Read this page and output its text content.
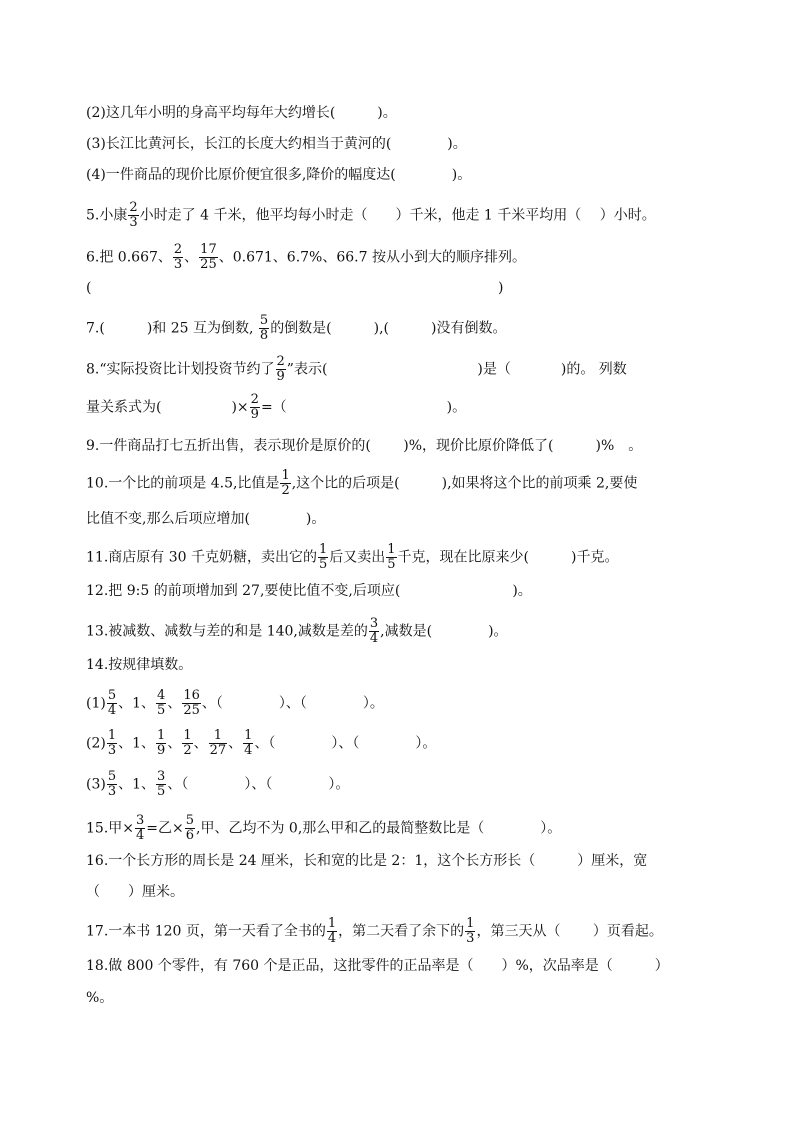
(2)这几年小明的身高平均每年大约增长(　　　)。
(3)长江比黄河长，长江的长度大约相当于黄河的(　　　　)。
(4)一件商品的现价比原价便宜很多,降价的幅度达(　　　　)。
5.小康 $\frac{2}{3}$ 小时走了 4 千米，他平均每小时走（　　）千米，他走 1 千米平均用（　 ）小时。
6.把 0.667、 $\frac{2}{3}$ 、 $\frac{17}{25}$ 、0.671、6.7%、66.7 按从小到大的顺序排列。
(	)
7.(　　　)和 25 互为倒数, $\frac{5}{8}$ 的倒数是(　　　),(　　　)没有倒数。
8.“实际投资比计划投资节约了 $\frac{2}{9}$ ”表示(	)是（	)的。 列数
量关系式为(　　　　　)× $\frac{2}{9}$ =（	)。
9.一件商品打七五折出售，表示现价是原价的(　　 )%，现价比原价降低了(　　　)%　。
10.一个比的前项是 4.5,比值是 $\frac{1}{2}$ ,这个比的后项是(　　　),如果将这个比的前项乘 2,要使
比值不变,那么后项应增加(　　　　)。
11.商店原有 30 千克奶糖，卖出它的 $\frac{1}{5}$ 后又卖出 $\frac{1}{5}$ 千克，现在比原来少(　　　)千克。
12.把 9:5 的前项增加到 27,要使比值不变,后项应(　　　　　　　　)。
13.被减数、减数与差的和是 140,减数是差的 $\frac{3}{4}$ ,减数是(　　　　)。
14.按规律填数。
$(1) \frac{5}{4}$ 、1、 $\frac{4}{5}$ 、 $\frac{16}{25}$ 、（　　　　）、（　　　　）。
$(2) \frac{1}{3}$ 、1、 $\frac{1}{9}$ 、 $\frac{1}{2}$ 、 $\frac{1}{27}$ 、 $\frac{1}{4}$ 、（　　　　）、（　　　　）。
$(3) \frac{5}{3}$ 、1、 $\frac{3}{5}$ 、（　　　　）、（　　　　）。
15.甲× $\frac{3}{4}$ =乙× $\frac{5}{6}$ ,甲、乙均不为 0,那么甲和乙的最简整数比是（　　　　）。
16.一个长方形的周长是 24 厘米，长和宽的比是 2：1，这个长方形长（　　　）厘米，宽
（　　）厘米。
17.一本书 120 页，第一天看了全书的 $\frac{1}{4}$ ，第二天看了余下的 $\frac{1}{3}$ ，第三天从（　　 ）页看起。
18.做 800 个零件，有 760 个是正品，这批零件的正品率是（　　）%，次品率是（　　　）
%。
